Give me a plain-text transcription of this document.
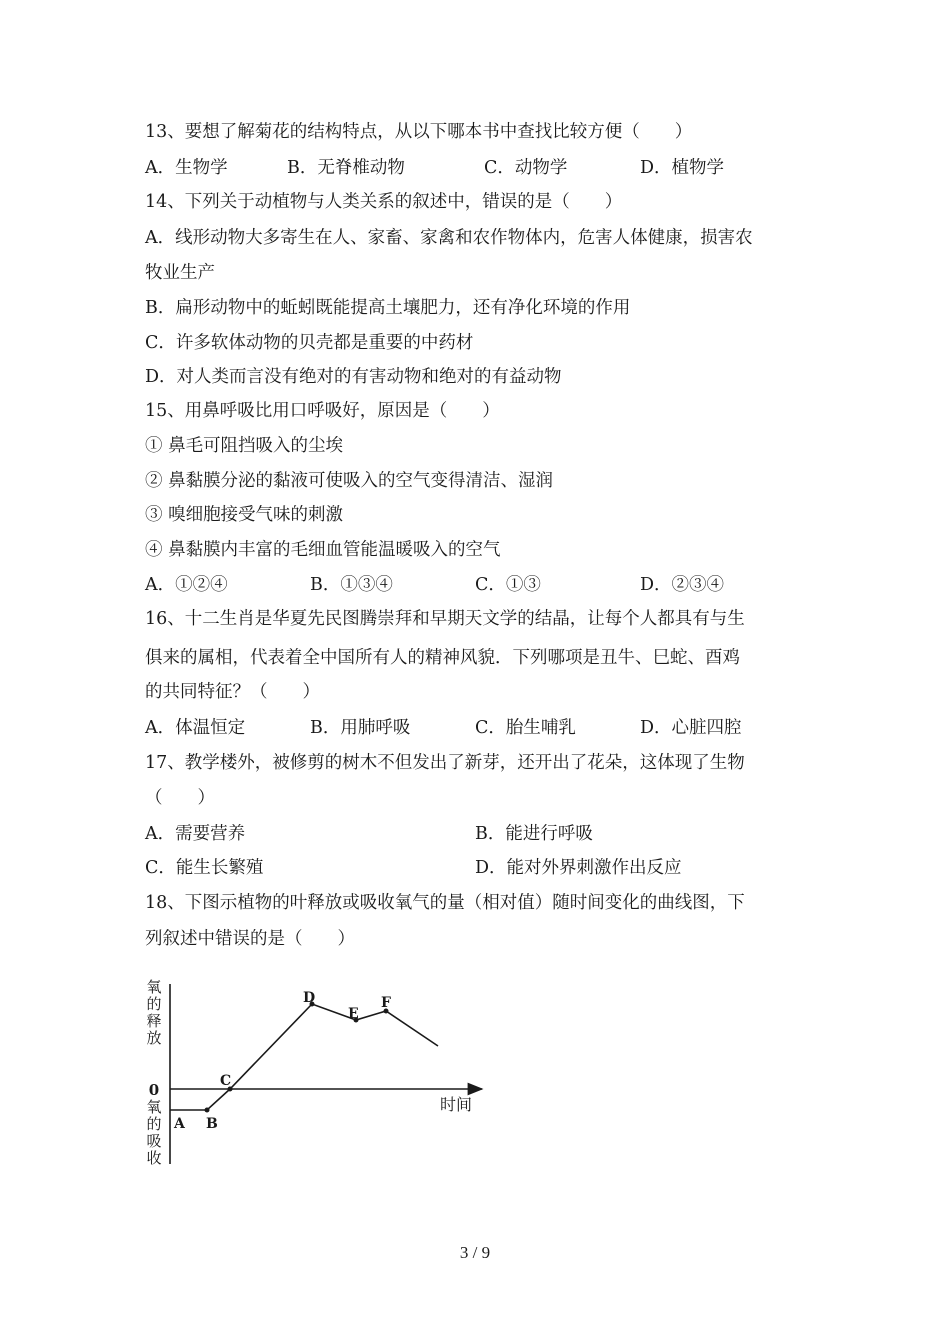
13、要想了解菊花的结构特点，从以下哪本书中查找比较方便（　　）
A．生物学	B．无脊椎动物	C．动物学	D．植物学
14、下列关于动植物与人类关系的叙述中，错误的是（　　）
A．线形动物大多寄生在人、家畜、家禽和农作物体内，危害人体健康，损害农
牧业生产
B．扁形动物中的蚯蚓既能提高土壤肥力，还有净化环境的作用
C．许多软体动物的贝壳都是重要的中药材
D．对人类而言没有绝对的有害动物和绝对的有益动物
15、用鼻呼吸比用口呼吸好，原因是（　　）
① 鼻毛可阻挡吸入的尘埃
② 鼻黏膜分泌的黏液可使吸入的空气变得清洁、湿润
③ 嗅细胞接受气味的刺激
④ 鼻黏膜内丰富的毛细血管能温暖吸入的空气
A．①②④	B．①③④	C．①③	D．②③④
16、十二生肖是华夏先民图腾崇拜和早期天文学的结晶，让每个人都具有与生
俱来的属相，代表着全中国所有人的精神风貌．下列哪项是丑牛、巳蛇、酉鸡
的共同特征？（　　）
A．体温恒定	B．用肺呼吸	C．胎生哺乳	D．心脏四腔
17、教学楼外，被修剪的树木不但发出了新芽，还开出了花朵，这体现了生物
（　　）
A．需要营养	B．能进行呼吸
C．能生长繁殖	D．能对外界刺激作出反应
18、下图示植物的叶释放或吸收氧气的量（相对值）随时间变化的曲线图，下
列叙述中错误的是（　　）
氧
的
释
放
0
氧
的
吸
收
时间
A B
C
D
E
F
3 / 9
